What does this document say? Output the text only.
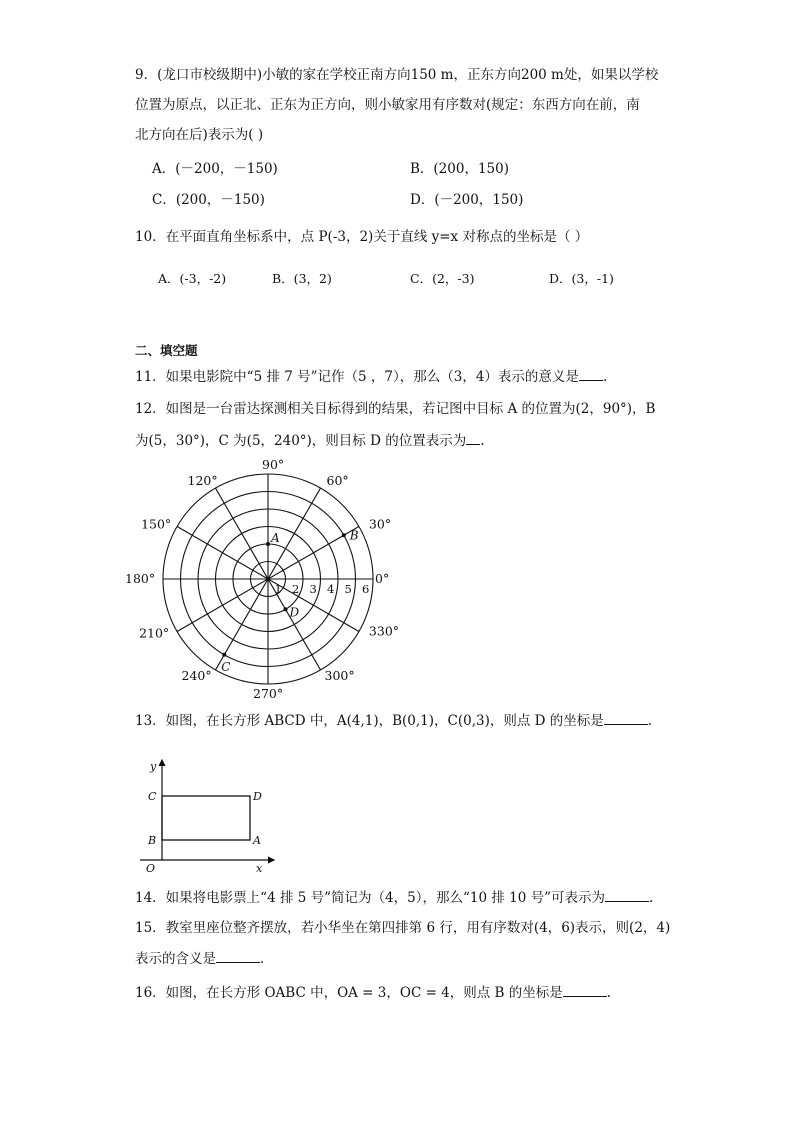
9．(龙口市校级期中)小敏的家在学校正南方向150 m，正东方向200 m处，如果以学校
位置为原点，以正北、正东为正方向，则小敏家用有序数对(规定：东西方向在前，南
北方向在后)表示为( )
A．(－200，－150)	B．(200，150)
C．(200，－150)	D．(－200，150)
10．在平面直角坐标系中，点 P(-3，2)关于直线 y=x 对称点的坐标是（ ）
A．(-3，-2)	B．(3，2)	C．(2，-3)	D．(3，-1)
二、填空题
11．如果电影院中“5 排 7 号”记作（5 ，7），那么（3，4）表示的意义是 .
12．如图是一台雷达探测相关目标得到的结果，若记图中目标 A 的位置为(2，90°)，B
为(5，30°)，C 为(5，240°)，则目标 D 的位置表示为 .
90°
60°
30°
0°
330°
300°
270°
240°
210°
180°
150°
120°
1 2 3 4 5 6
A	B
C
D
13．如图，在长方形 ABCD 中，A(4,1)，B(0,1)，C(0,3)，则点 D 的坐标是	.
y
x
O
C
B
D
A
14．如果将电影票上“4 排 5 号”简记为（4，5），那么“10 排 10 号”可表示为	.
15．教室里座位整齐摆放，若小华坐在第四排第 6 行，用有序数对(4，6)表示，则(2，4)
表示的含义是	.
16．如图，在长方形 OABC 中，OA = 3，OC = 4，则点 B 的坐标是	.
